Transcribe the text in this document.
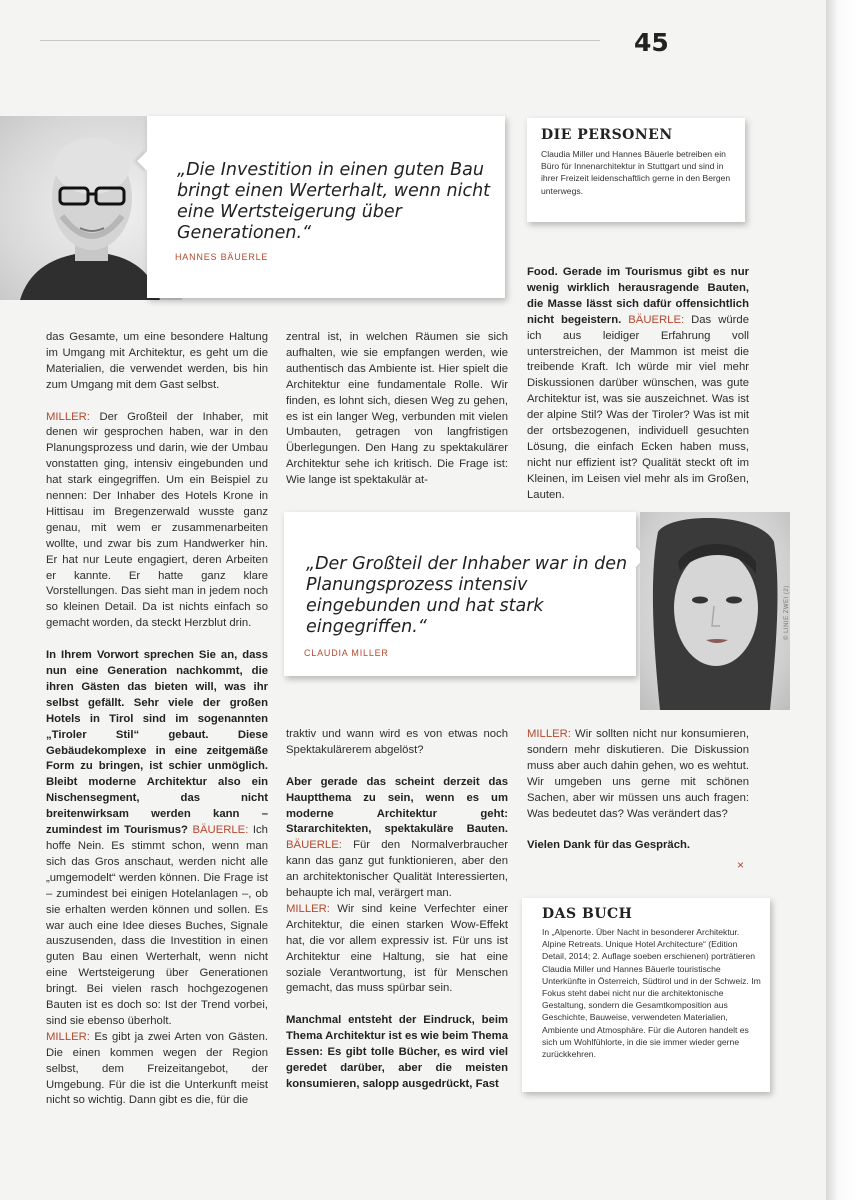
45
„Die Investition in einen guten Bau bringt einen Werterhalt, wenn nicht eine Wertsteigerung über Generationen.“
HANNES BÄUERLE
DIE PERSONEN
Claudia Miller und Hannes Bäuerle betreiben ein Büro für Innenarchitektur in Stuttgart und sind in ihrer Freizeit leidenschaftlich gerne in den Bergen unterwegs.

das Gesamte, um eine besondere Haltung im Umgang mit Architektur, es geht um die Materialien, die verwendet werden, bis hin zum Umgang mit dem Gast selbst.

MILLER: Der Großteil der Inhaber, mit denen wir gesprochen haben, war in den Planungsprozess und darin, wie der Umbau vonstatten ging, intensiv eingebunden und hat stark eingegriffen. Um ein Beispiel zu nennen: Der Inhaber des Hotels Krone in Hittisau im Bregenzerwald wusste ganz genau, mit wem er zusammenarbeiten wollte, und zwar bis zum Handwerker hin. Er hat nur Leute engagiert, deren Arbeiten er kannte. Er hatte ganz klare Vorstellungen. Das sieht man in jedem noch so kleinen Detail. Da ist nichts einfach so gemacht worden, da steckt Herzblut drin.

In Ihrem Vorwort sprechen Sie an, dass nun eine Generation nachkommt, die ihren Gästen das bieten will, was ihr selbst gefällt. Sehr viele der großen Hotels in Tirol sind im sogenannten „Tiroler Stil“ gebaut. Diese Gebäudekomplexe in eine zeitgemäße Form zu bringen, ist schier unmöglich. Bleibt moderne Architektur also ein Nischensegment, das nicht breitenwirksam werden kann – zumindest im Tourismus? BÄUERLE: Ich hoffe Nein. Es stimmt schon, wenn man sich das Gros anschaut, werden nicht alle „umgemodelt“ werden können. Die Frage ist – zumindest bei einigen Hotelanlagen –, ob sie erhalten werden können und sollen. Es war auch eine Idee dieses Buches, Signale auszusenden, dass die Investition in einen guten Bau einen Werterhalt, wenn nicht eine Wertsteigerung über Generationen bringt. Bei vielen rasch hochgezogenen Bauten ist es doch so: Ist der Trend vorbei, sind sie ebenso überholt.
MILLER: Es gibt ja zwei Arten von Gästen. Die einen kommen wegen der Region selbst, dem Freizeitangebot, der Umgebung. Für die ist die Unterkunft meist nicht so wichtig. Dann gibt es die, für die

zentral ist, in welchen Räumen sie sich aufhalten, wie sie empfangen werden, wie authentisch das Ambiente ist. Hier spielt die Architektur eine fundamentale Rolle. Wir finden, es lohnt sich, diesen Weg zu gehen, es ist ein langer Weg, verbunden mit vielen Umbauten, getragen von langfristigen Überlegungen. Den Hang zu spektakulärer Architektur sehe ich kritisch. Die Frage ist: Wie lange ist spektakulär at-

Food. Gerade im Tourismus gibt es nur wenig wirklich herausragende Bauten, die Masse lässt sich dafür offensichtlich nicht begeistern. BÄUERLE: Das würde ich aus leidiger Erfahrung voll unterstreichen, der Mammon ist meist die treibende Kraft. Ich würde mir viel mehr Diskussionen darüber wünschen, was gute Architektur ist, was sie auszeichnet. Was ist der alpine Stil? Was der Tiroler? Was ist mit der ortsbezogenen, individuell gesuchten Lösung, die einfach Ecken haben muss, nicht nur effizient ist? Qualität steckt oft im Kleinen, im Leisen viel mehr als im Großen, Lauten.

„Der Großteil der Inhaber war in den Planungsprozess intensiv eingebunden und hat stark eingegriffen.“
CLAUDIA MILLER
© LINIE ZWEI (2)

traktiv und wann wird es von etwas noch Spektakulärerem abgelöst?

Aber gerade das scheint derzeit das Hauptthema zu sein, wenn es um moderne Architektur geht: Stararchitekten, spektakuläre Bauten. BÄUERLE: Für den Normalverbraucher kann das ganz gut funktionieren, aber den an architektonischer Qualität Interessierten, behaupte ich mal, verärgert man.
MILLER: Wir sind keine Verfechter einer Architektur, die einen starken Wow-Effekt hat, die vor allem expressiv ist. Für uns ist Architektur eine Haltung, sie hat eine soziale Verantwortung, ist für Menschen gemacht, das muss spürbar sein.

Manchmal entsteht der Eindruck, beim Thema Architektur ist es wie beim Thema Essen: Es gibt tolle Bücher, es wird viel geredet darüber, aber die meisten konsumieren, salopp ausgedrückt, Fast

MILLER: Wir sollten nicht nur konsumieren, sondern mehr diskutieren. Die Diskussion muss aber auch dahin gehen, wo es wehtut. Wir umgeben uns gerne mit schönen Sachen, aber wir müssen uns auch fragen: Was bedeutet das? Was verändert das?

Vielen Dank für das Gespräch.

×
DAS BUCH
In „Alpenorte. Über Nacht in besonderer Architektur. Alpine Retreats. Unique Hotel Architecture“ (Edition Detail, 2014; 2. Auflage soeben erschienen) porträtieren Claudia Miller und Hannes Bäuerle touristische Unterkünfte in Österreich, Südtirol und in der Schweiz. Im Fokus steht dabei nicht nur die architektonische Gestaltung, sondern die Gesamtkomposition aus Geschichte, Bauweise, verwendeten Materialien, Ambiente und Atmosphäre. Für die Autoren handelt es sich um Wohlfühlorte, in die sie immer wieder gerne zurückkehren.
